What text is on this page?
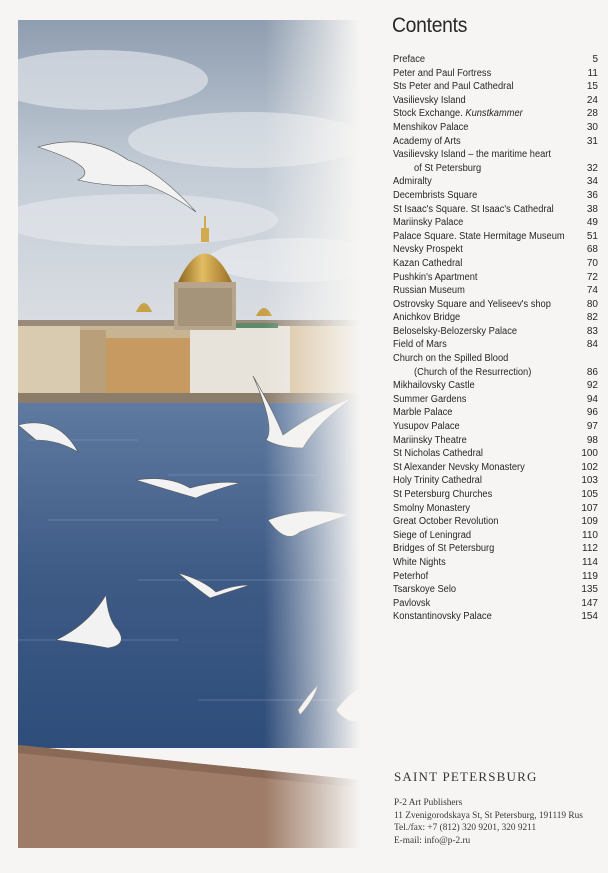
Contents
Preface	5
Peter and Paul Fortress	11
Sts Peter and Paul Cathedral	15
Vasilievsky Island	24
Stock Exchange. Kunstkammer	28
Menshikov Palace	30
Academy of Arts	31
Vasilievsky Island – the maritime heart
of St Petersburg	32
Admiralty	34
Decembrists Square	36
St Isaac's Square. St Isaac's Cathedral	38
Mariinsky Palace	49
Palace Square. State Hermitage Museum 51
Nevsky Prospekt	68
Kazan Cathedral	70
Pushkin's Apartment	72
Russian Museum	74
Ostrovsky Square and Yeliseev's shop	80
Anichkov Bridge	82
Beloselsky-Belozersky Palace	83
Field of Mars	84
Church on the Spilled Blood
(Church of the Resurrection)	86
Mikhailovsky Castle	92
Summer Gardens	94
Marble Palace	96
Yusupov Palace	97
Mariinsky Theatre	98
St Nicholas Cathedral	100
St Alexander Nevsky Monastery	102
Holy Trinity Cathedral	103
St Petersburg Churches	105
Smolny Monastery	107
Great October Revolution	109
Siege of Leningrad	110
Bridges of St Petersburg	112
White Nights	114
Peterhof	119
Tsarskoye Selo	135
Pavlovsk	147
Konstantinovsky Palace	154
SAINT PETERSBURG
P-2 Art Publishers
11 Zvenigorodskaya St, St Petersburg, 191119 Rus
Tel./fax: +7 (812) 320 9201, 320 9211
E-mail: info@p-2.ru
